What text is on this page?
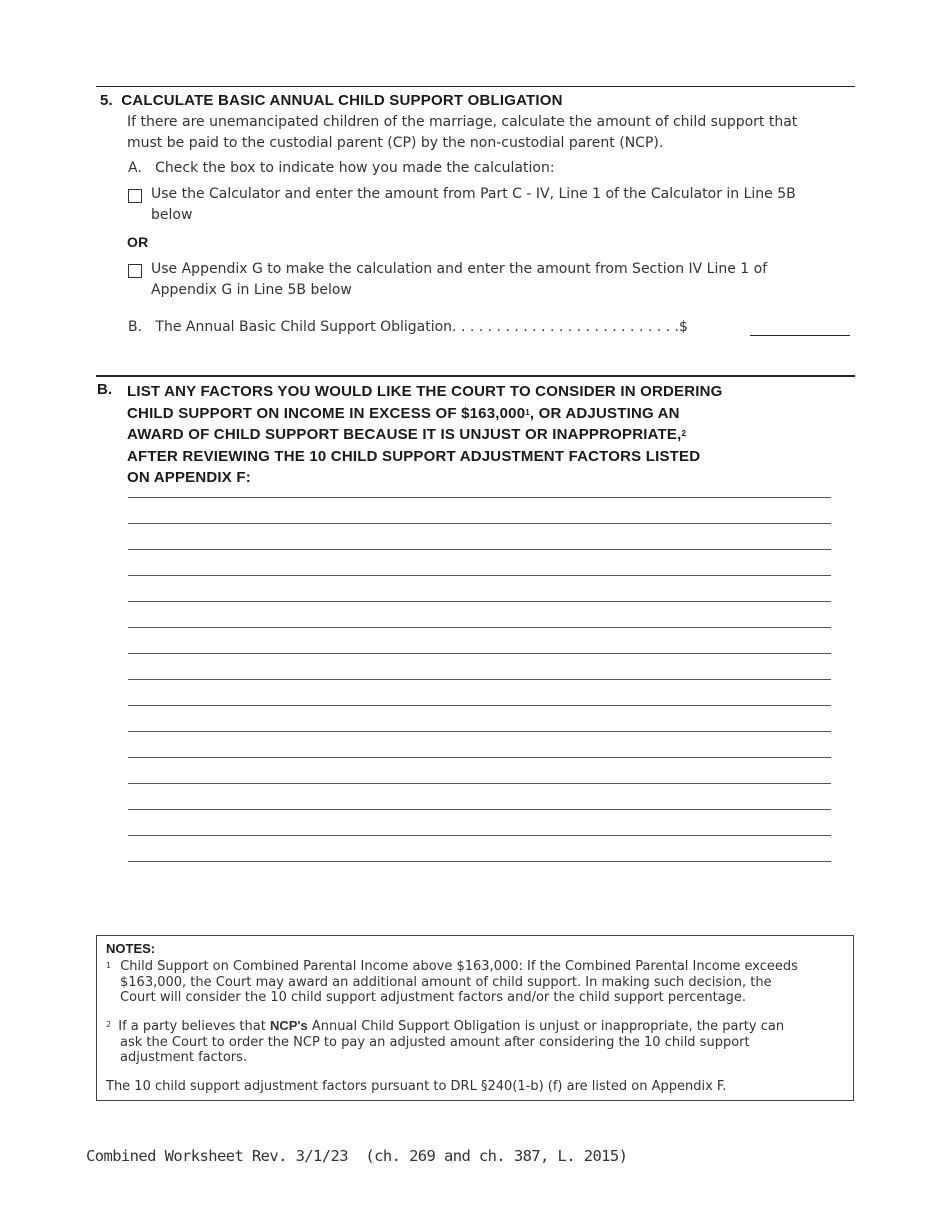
5. CALCULATE BASIC ANNUAL CHILD SUPPORT OBLIGATION
If there are unemancipated children of the marriage, calculate the amount of child support that
must be paid to the custodial parent (CP) by the non-custodial parent (NCP).
A.   Check the box to indicate how you made the calculation:
Use the Calculator and enter the amount from Part C - IV, Line 1 of the Calculator in Line 5B
below
OR
Use Appendix G to make the calculation and enter the amount from Section IV Line 1 of
Appendix G in Line 5B below
B.   The Annual Basic Child Support Obligation. . . . . . . . . . . . . . . . . . . . . . . . . .$
B. LIST ANY FACTORS YOU WOULD LIKE THE COURT TO CONSIDER IN ORDERING
CHILD SUPPORT ON INCOME IN EXCESS OF $163,000$^1$, OR ADJUSTING AN
AWARD OF CHILD SUPPORT BECAUSE IT IS UNJUST OR INAPPROPRIATE,$^2$
AFTER REVIEWING THE 10 CHILD SUPPORT ADJUSTMENT FACTORS LISTED
ON APPENDIX F:
NOTES:
$^1$ Child Support on Combined Parental Income above $163,000: If the Combined Parental Income exceeds
$163,000, the Court may award an additional amount of child support. In making such decision, the
Court will consider the 10 child support adjustment factors and/or the child support percentage.
$^2$ If a party believes that NCP's Annual Child Support Obligation is unjust or inappropriate, the party can
ask the Court to order the NCP to pay an adjusted amount after considering the 10 child support
adjustment factors.
The 10 child support adjustment factors pursuant to DRL §240(1-b) (f) are listed on Appendix F.
Combined Worksheet Rev. 3/1/23  (ch. 269 and ch. 387, L. 2015)
